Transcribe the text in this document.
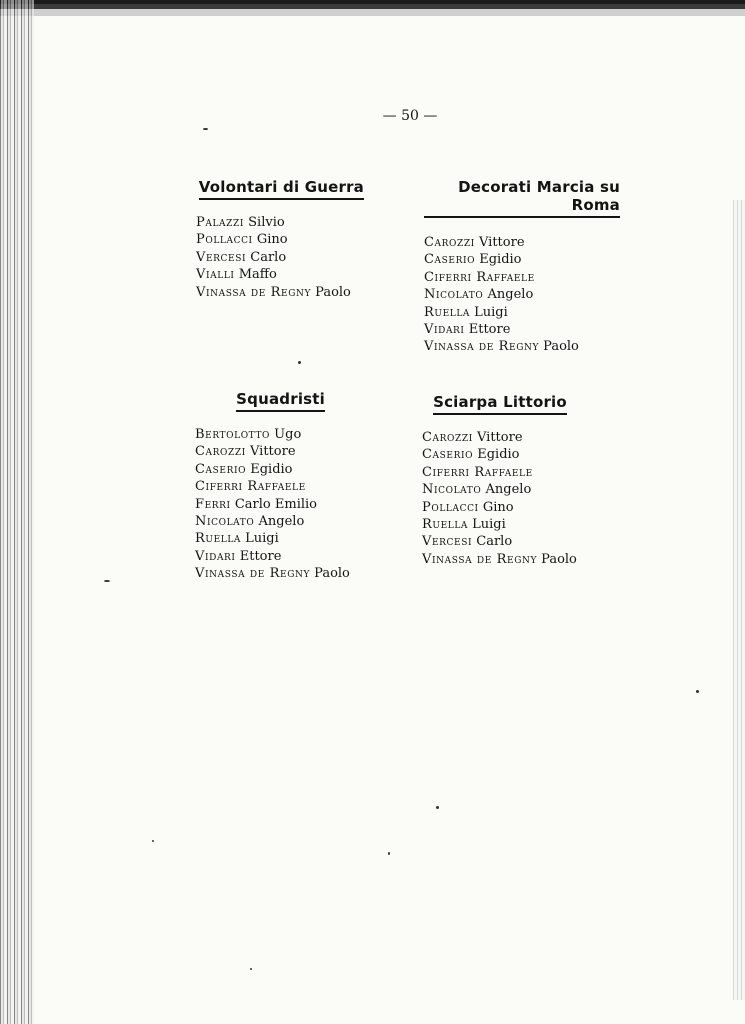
— 50 —
Volontari di Guerra
Palazzi Silvio
Pollacci Gino
Vercesi Carlo
Vialli Maffo
Vinassa de Regny Paolo
Decorati Marcia su Roma
Carozzi Vittore
Caserio Egidio
Ciferri Raffaele
Nicolato Angelo
Ruella Luigi
Vidari Ettore
Vinassa de Regny Paolo
Squadristi
Bertolotto Ugo
Carozzi Vittore
Caserio Egidio
Ciferri Raffaele
Ferri Carlo Emilio
Nicolato Angelo
Ruella Luigi
Vidari Ettore
Vinassa de Regny Paolo
Sciarpa Littorio
Carozzi Vittore
Caserio Egidio
Ciferri Raffaele
Nicolato Angelo
Pollacci Gino
Ruella Luigi
Vercesi Carlo
Vinassa de Regny Paolo
